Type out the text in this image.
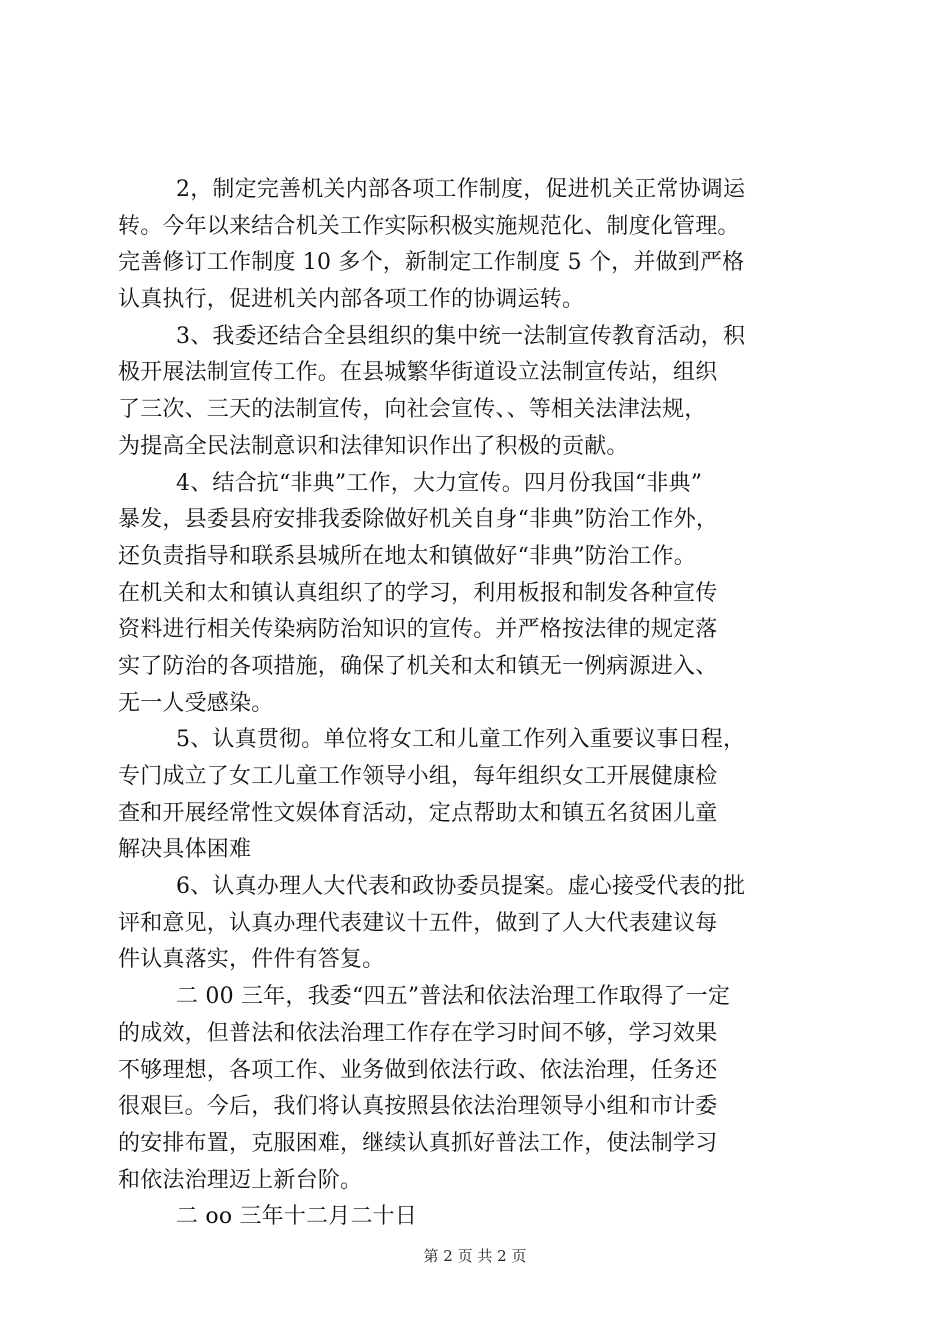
2，制定完善机关内部各项工作制度，促进机关正常协调运
转。今年以来结合机关工作实际积极实施规范化、制度化管理。
完善修订工作制度 10 多个，新制定工作制度 5 个，并做到严格
认真执行，促进机关内部各项工作的协调运转。
3、我委还结合全县组织的集中统一法制宣传教育活动，积
极开展法制宣传工作。在县城繁华街道设立法制宣传站，组织
了三次、三天的法制宣传，向社会宣传、、等相关法津法规，
为提高全民法制意识和法律知识作出了积极的贡献。
4、结合抗“非典”工作，大力宣传。四月份我国“非典”
暴发，县委县府安排我委除做好机关自身“非典”防治工作外，
还负责指导和联系县城所在地太和镇做好“非典”防治工作。
在机关和太和镇认真组织了的学习，利用板报和制发各种宣传
资料进行相关传染病防治知识的宣传。并严格按法律的规定落
实了防治的各项措施，确保了机关和太和镇无一例病源进入、
无一人受感染。
5、认真贯彻。单位将女工和儿童工作列入重要议事日程，
专门成立了女工儿童工作领导小组，每年组织女工开展健康检
查和开展经常性文娱体育活动，定点帮助太和镇五名贫困儿童
解决具体困难
6、认真办理人大代表和政协委员提案。虚心接受代表的批
评和意见，认真办理代表建议十五件，做到了人大代表建议每
件认真落实，件件有答复。
二 00 三年，我委“四五”普法和依法治理工作取得了一定
的成效，但普法和依法治理工作存在学习时间不够，学习效果
不够理想，各项工作、业务做到依法行政、依法治理，任务还
很艰巨。今后，我们将认真按照县依法治理领导小组和市计委
的安排布置，克服困难，继续认真抓好普法工作，使法制学习
和依法治理迈上新台阶。
二 oo 三年十二月二十日
第 2 页 共 2 页
